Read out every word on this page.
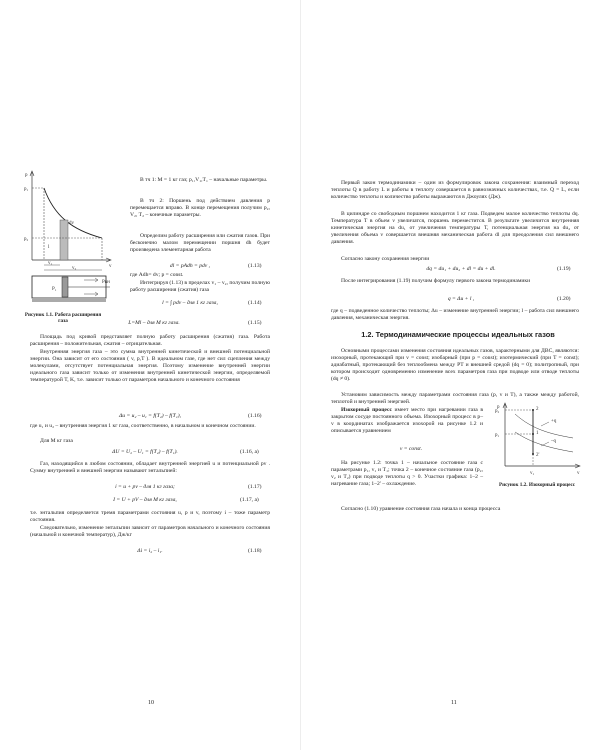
p
p₁
p₂
l
dv
v
v₁
v₂
P₁
Pвн
Рисунок 1.1. Работа расширения газа

В тч 1: M = 1 кг газ; p₁,V₁,T₁ – начальные параметры.

В тч 2: Поршень под действием давления p перемещается вправо. В конце перемещения получим p₂, V₂, T₂ – конечные параметры.

Определим работу расширения или сжатия газов. При бесконечно малом перемещении поршня dh будет произведена элементарная работа

dl = pAdh = pdv ,	(1.13)

где Adh= dv; p = const.

Интегрируя (1.13) в пределах v₁ – v₂, получим полную работу расширения (сжатия) газа

l = ∫ pdv – для 1 кг газа,	(1.14)
L=Ml – для M кг газа.	(1.15)

Площадь под кривой представляет полную работу расширения (сжатия) газа. Работа расширения – положительная, сжатия – отрицательная.

Внутренняя энергия газа – это сумма внутренней кинетической и внешней потенциальной энергии. Она зависит от его состояния ( v, p,T ). В идеальном газе, где нет сил сцепления между молекулами, отсутствует потенциальная энергия. Поэтому изменение внутренней энергии идеального газа зависит только от изменения внутренней кинетической энергии, определяемой температурой T, K, т.е. зависит только от параметров начального и конечного состояния

Δu = u₂ – u₁ = f(T₂) – f(T₁),	(1.16)

где u₁ и u₂ – внутренняя энергия 1 кг газа, соответственно, в начальном и конечном состоянии.

Для M кг газа

ΔU = U₂ – U₁ = f(T₂) – f(T₁).	(1.16, а)

Газ, находящийся в любом состоянии, обладает внутренней энергией u и потенциальной pv . Сумму внутренней и внешней энергии называют энтальпией:

i = u + pv – для 1 кг газа;	(1.17)
I = U + pV – для M кг газа,	(1.17, а)

т.е. энтальпия определяется тремя параметрами состояния u, p и v, поэтому i – тоже параметр состояния.

Следовательно, изменение энтальпии зависит от параметров начального и конечного состояния (начальной и конечной температур), Дж/кг

Δi = i₂ – i₁.	(1.18)
10

Первый закон термодинамики – один из формулировок закона сохранения: взаимный переход теплоты Q в работу L и работы в теплоту совершается в равнозначных количествах, т.е. Q = L, если количество теплоты и количество работы выражаются в Джоулях (Дж).

В цилиндре со свободным поршнем находится 1 кг газа. Подведем малое количество теплоты dq. Температура T в объем v увеличатся, поршень переместится. В результате увеличится внутренняя кинетическая энергия на du₁ от увеличения температуры T, потенциальная энергия на du₂ от увеличения объема v совершается внешняя механическая работа dl для преодоления сил внешнего давления.

Согласно закону сохранения энергии

dq = du₁ + du₂ + dl = du + dl.	(1.19)

После интегрирования (1.19) получим формулу первого закона термодинамики

q = Δu + l ,	(1.20)

где q – подведенное количество теплоты; Δu – изменение внутренней энергии; l – работа сил внешнего давления, механическая энергия.

1.2. Термодинамические процессы идеальных газов

Основными процессами изменения состояния идеальных газов, характерными для ДВС, являются: изохорный, протекающий при v = const; изобарный (при p = const); изотермический (при T = const); адиабатный, протекающий без теплообмена между РТ и внешней средой (dq = 0); политропный, при котором происходит одновременно изменение всех параметров газа при подводе или отводе теплоты (dq ≠ 0).

Установим зависимость между параметрами состояния газа (p, v и T), а также между работой, теплотой и внутренней энергией.

Изохорный процесс имеет место при нагревании газа в закрытом сосуде постоянного объема. Изохорный процесс в p–v в координатах изображается изохорой на рисунке 1.2 и описывается уравнением

v = const.

На рисунке 1.2: точка 1 – начальное состояние газа с параметрами p₁, v₁ и T₁; точка 2 – конечное состояние газа (p₂, v₂ и T₂) при подводе теплоты q > 0. Участки графика: 1–2 – нагревание газа; 1–2' – охлаждение.

Согласно (1.10) уравнение состояния газа начала и конца процесса

p
p₂
p₁
2
1
2'
+q
–q
v
v₁
Рисунок 1.2. Изохорный процесс
11
